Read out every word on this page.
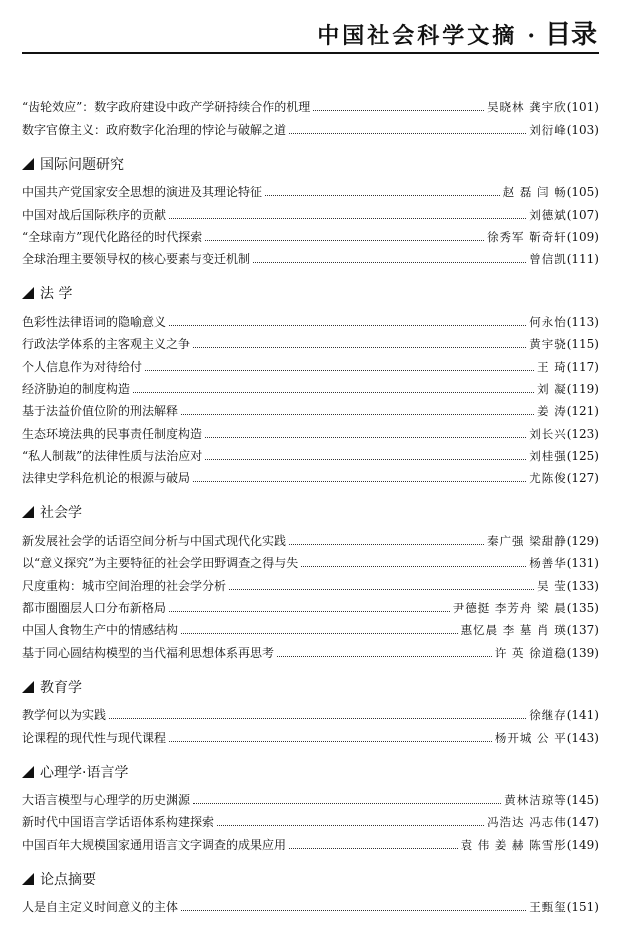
中国社会科学文摘 · 目录
“齿轮效应”：数字政府建设中政产学研持续合作的机理	吴晓林 龚宇欣 (101)
数字官僚主义：政府数字化治理的悖论与破解之道	刘衍峰 (103)
国际问题研究
中国共产党国家安全思想的演进及其理论特征	赵 磊 闫 畅 (105)
中国对战后国际秩序的贡献	刘德斌 (107)
“全球南方”现代化路径的时代探索	徐秀军 靳奇轩 (109)
全球治理主要领导权的核心要素与变迁机制	曾信凯 (111)
法 学
色彩性法律语词的隐喻意义	何永怡 (113)
行政法学体系的主客观主义之争	黄宇骁 (115)
个人信息作为对待给付	王 琦 (117)
经济胁迫的制度构造	刘 凝 (119)
基于法益价值位阶的刑法解释	姜 涛 (121)
生态环境法典的民事责任制度构造	刘长兴 (123)
“私人制裁”的法律性质与法治应对	刘桂强 (125)
法律史学科危机论的根源与破局	尤陈俊 (127)
社会学
新发展社会学的话语空间分析与中国式现代化实践	秦广强 梁甜静 (129)
以“意义探究”为主要特征的社会学田野调查之得与失	杨善华 (131)
尺度重构：城市空间治理的社会学分析	吴 莹 (133)
都市圈圈层人口分布新格局	尹德挺 李芳舟 梁 晨 (135)
中国人食物生产中的情感结构	惠忆晨 李 墓 肖 瑛 (137)
基于同心圆结构模型的当代福利思想体系再思考	许 英 徐道稳 (139)
教育学
教学何以为实践	徐继存 (141)
论课程的现代性与现代课程	杨开城 公 平 (143)
心理学·语言学
大语言模型与心理学的历史渊源	黄林洁琼等 (145)
新时代中国语言学话语体系构建探索	冯浩达 冯志伟 (147)
中国百年大规模国家通用语言文字调查的成果应用	袁 伟 姜 赫 陈雪彤 (149)
论点摘要
人是自主定义时间意义的主体	王甄玺 (151)
